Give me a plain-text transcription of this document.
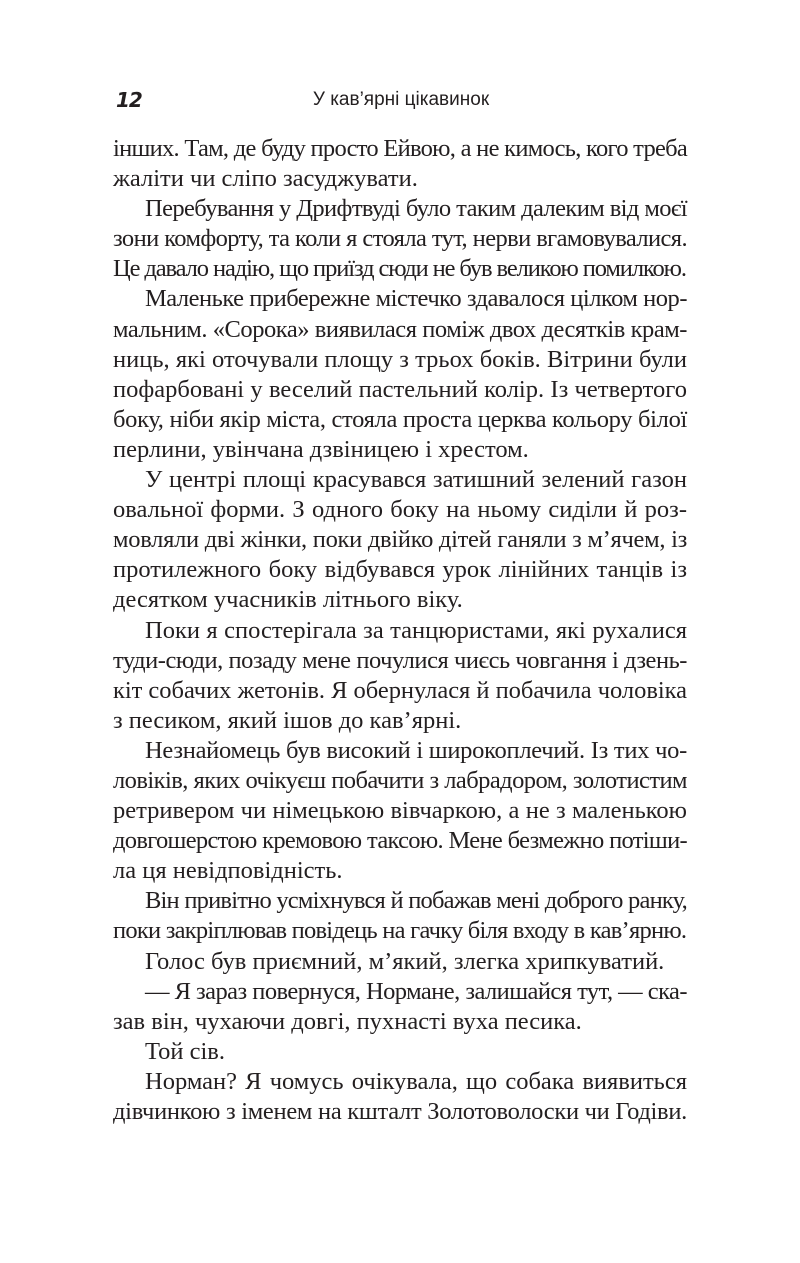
12	У кав’ярні цікавинок
інших. Там, де буду просто Ейвою, а не кимось, кого треба
жаліти чи сліпо засуджувати.
Перебування у Дрифтвуді було таким далеким від моєї
зони комфорту, та коли я стояла тут, нерви вгамовувалися.
Це давало надію, що приїзд сюди не був великою помилкою.
Маленьке прибережне містечко здавалося цілком нор-
мальним. «Сорока» виявилася поміж двох десятків крам-
ниць, які оточували площу з трьох боків. Вітрини були
пофарбовані у веселий пастельний колір. Із четвертого
боку, ніби якір міста, стояла проста церква кольору білої
перлини, увінчана дзвіницею і хрестом.
У центрі площі красувався затишний зелений газон
овальної форми. З одного боку на ньому сиділи й роз-
мовляли дві жінки, поки двійко дітей ганяли з м’ячем, із
протилежного боку відбувався урок лінійних танців із
десятком учасників літнього віку.
Поки я спостерігала за танцюристами, які рухалися
туди-сюди, позаду мене почулися чиєсь човгання і дзень-
кіт собачих жетонів. Я обернулася й побачила чоловіка
з песиком, який ішов до кав’ярні.
Незнайомець був високий і широкоплечий. Із тих чо-
ловіків, яких очікуєш побачити з лабрадором, золотистим
ретривером чи німецькою вівчаркою, а не з маленькою
довгошерстою кремовою таксою. Мене безмежно потіши-
ла ця невідповідність.
Він привітно усміхнувся й побажав мені доброго ранку,
поки закріплював повідець на гачку біля входу в кав’ярню.
Голос був приємний, м’який, злегка хрипкуватий.
— Я зараз повернуся, Нормане, залишайся тут, — ска-
зав він, чухаючи довгі, пухнасті вуха песика.
Той сів.
Норман? Я чомусь очікувала, що собака виявиться
дівчинкою з іменем на кшталт Золотоволоски чи Годіви.
